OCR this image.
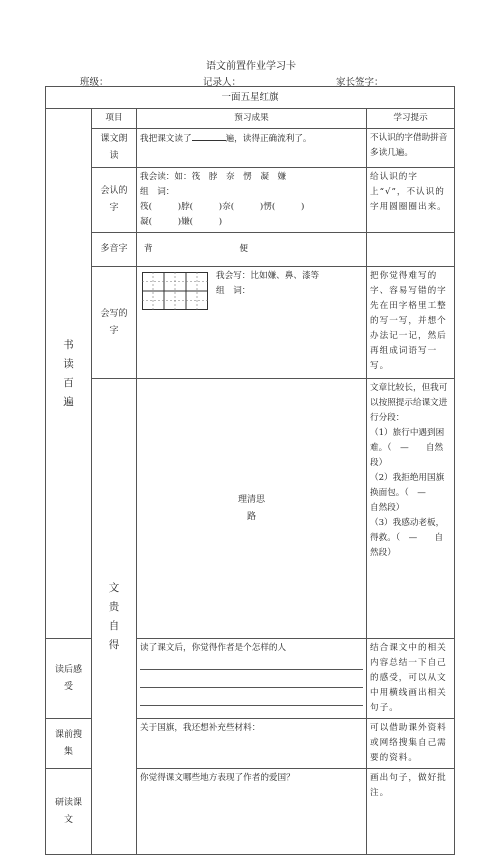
语文前置作业学习卡
班级：	记录人：	家长签字：
一面五星红旗				

书读百遍	项目	预习成果	学习提示	

	课文朗读	我把课文读了 遍，读得正确流利了。	不认识的字借助拼音多读几遍。	

	会认的字	我会读：如：筏　脖　奈　愣　凝　嫌
组　词：
筏(　　　)脖(　　　)奈(　　　)愣(　　　)
凝(　　　)嫌(　　　)	给认识的字上“√”，不认识的字用圆圈圈出来。	

	多音字	背 便		

	会写的字	我会写：比如嫌、鼻、漆等
组　词：	把你觉得难写的字、容易写错的字先在田字格里工整的写一写，并想个办法记一记，然后再组成词语写一写。	

	文贵自得	理清思路	文章比较长，但我可以按照提示给课文进行分段：
（1）旅行中遇到困难。（　—　　自然段）
（2）我拒绝用国旗换面包。（　—　　自然段）
（3）我感动老板，得救。（　—　　自然段）

读后感受		读了课文后，你觉得作者是个怎样的人	结合课文中的相关内容总结一下自己的感受，可以从文中用横线画出相关句子。	

课前搜集		关于国旗，我还想补充些材料：	可以借助课外资料或网络搜集自己需要的资料。	

研读课文		你觉得课文哪些地方表现了作者的爱国？	画出句子，做好批注。	
